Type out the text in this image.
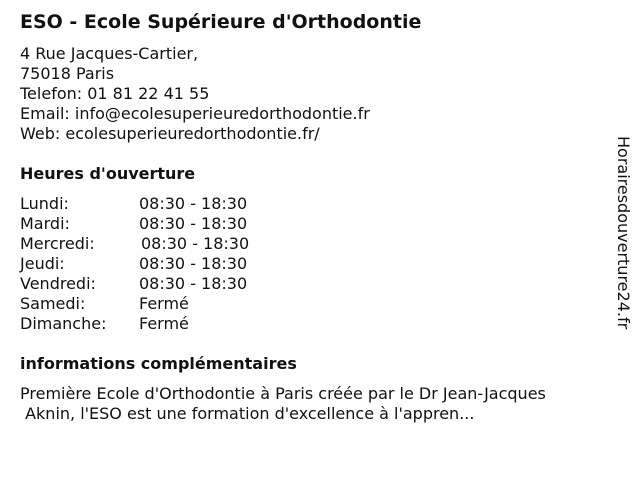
ESO - Ecole Supérieure d'Orthodontie
4 Rue Jacques-Cartier,
75018 Paris
Telefon: 01 81 22 41 55
Email: info@ecolesuperieuredorthodontie.fr
Web: ecolesuperieuredorthodontie.fr/
Heures d'ouverture
Lundi:	08:30 - 18:30
Mardi:	08:30 - 18:30
Mercredi:	08:30 - 18:30
Jeudi:	08:30 - 18:30
Vendredi:	08:30 - 18:30
Samedi:	Fermé
Dimanche:	Fermé
informations complémentaires
Première Ecole d'Orthodontie à Paris créée par le Dr Jean-Jacques
Aknin, l'ESO est une formation d'excellence à l'appren...
Horairesdouverture24.fr
